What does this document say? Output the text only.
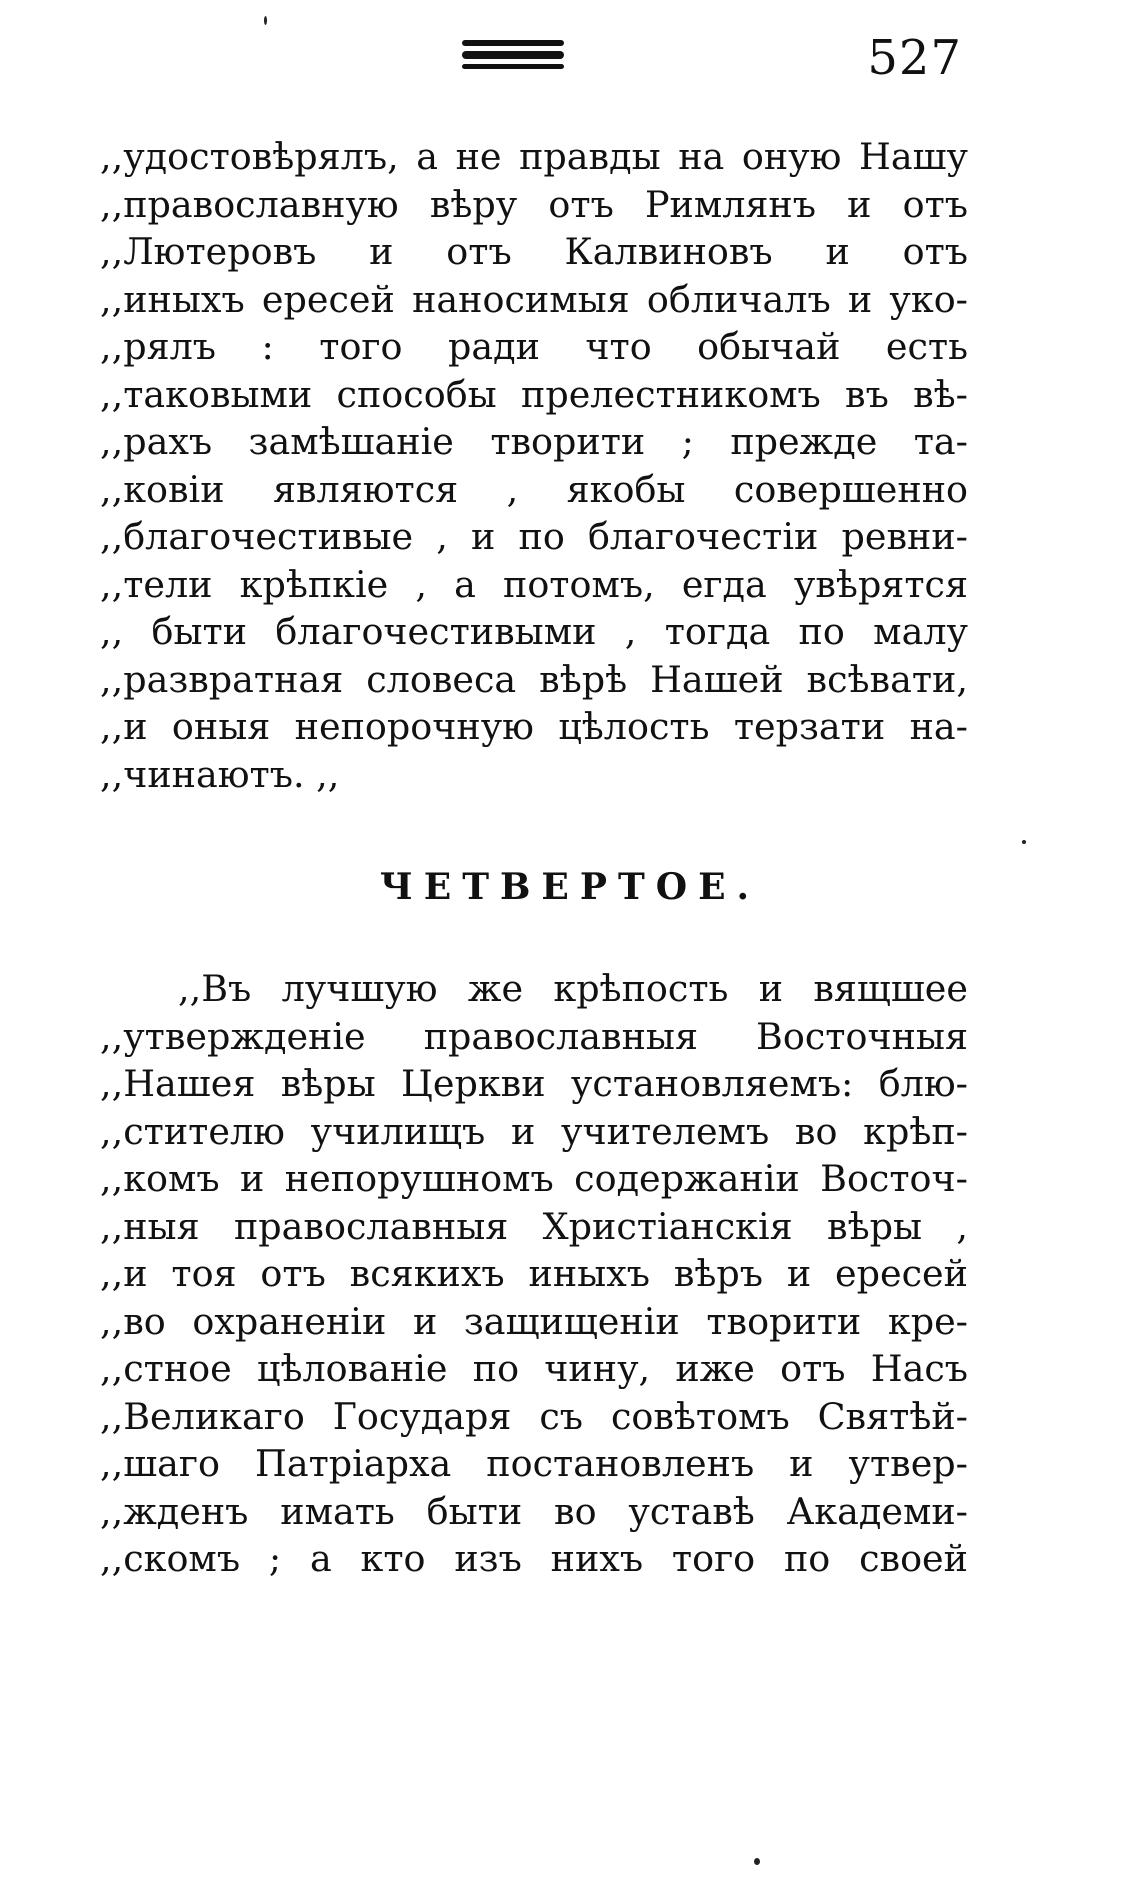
527
,,удостовѣрялъ, а не правды на оную Нашу
,,православную вѣру отъ Римлянъ и отъ
,,Лютеровъ и отъ Калвиновъ и отъ
,,иныхъ ересей наносимыя обличалъ и уко-
,,рялъ : того ради что обычай есть
,,таковыми способы прелестникомъ въ вѣ-
,,рахъ замѣшаніе творити ; прежде та-
,,ковіи являются , якобы совершенно
,,благочестивые , и по благочестіи ревни-
,,тели крѣпкіе , а потомъ, егда увѣрятся
,, быти благочестивыми , тогда по малу
,,развратная словеса вѣрѣ Нашей всѣвати,
,,и оныя непорочную цѣлость терзати на-
,,чинаютъ. ,,
ЧЕТВЕРТОЕ.
,,Въ лучшую же крѣпость и вящшее
,,утвержденіе православныя Восточныя
,,Нашея вѣры Церкви установляемъ: блю-
,,стителю училищъ и учителемъ во крѣп-
,,комъ и непорушномъ содержаніи Восточ-
,,ныя православныя Христіанскія вѣры ,
,,и тоя отъ всякихъ иныхъ вѣръ и ересей
,,во охраненіи и защищеніи творити кре-
,,стное цѣлованіе по чину, иже отъ Насъ
,,Великаго Государя съ совѣтомъ Святѣй-
,,шаго Патріарха постановленъ и утвер-
,,жденъ имать быти во уставѣ Академи-
,,скомъ ; а кто изъ нихъ того по своей
